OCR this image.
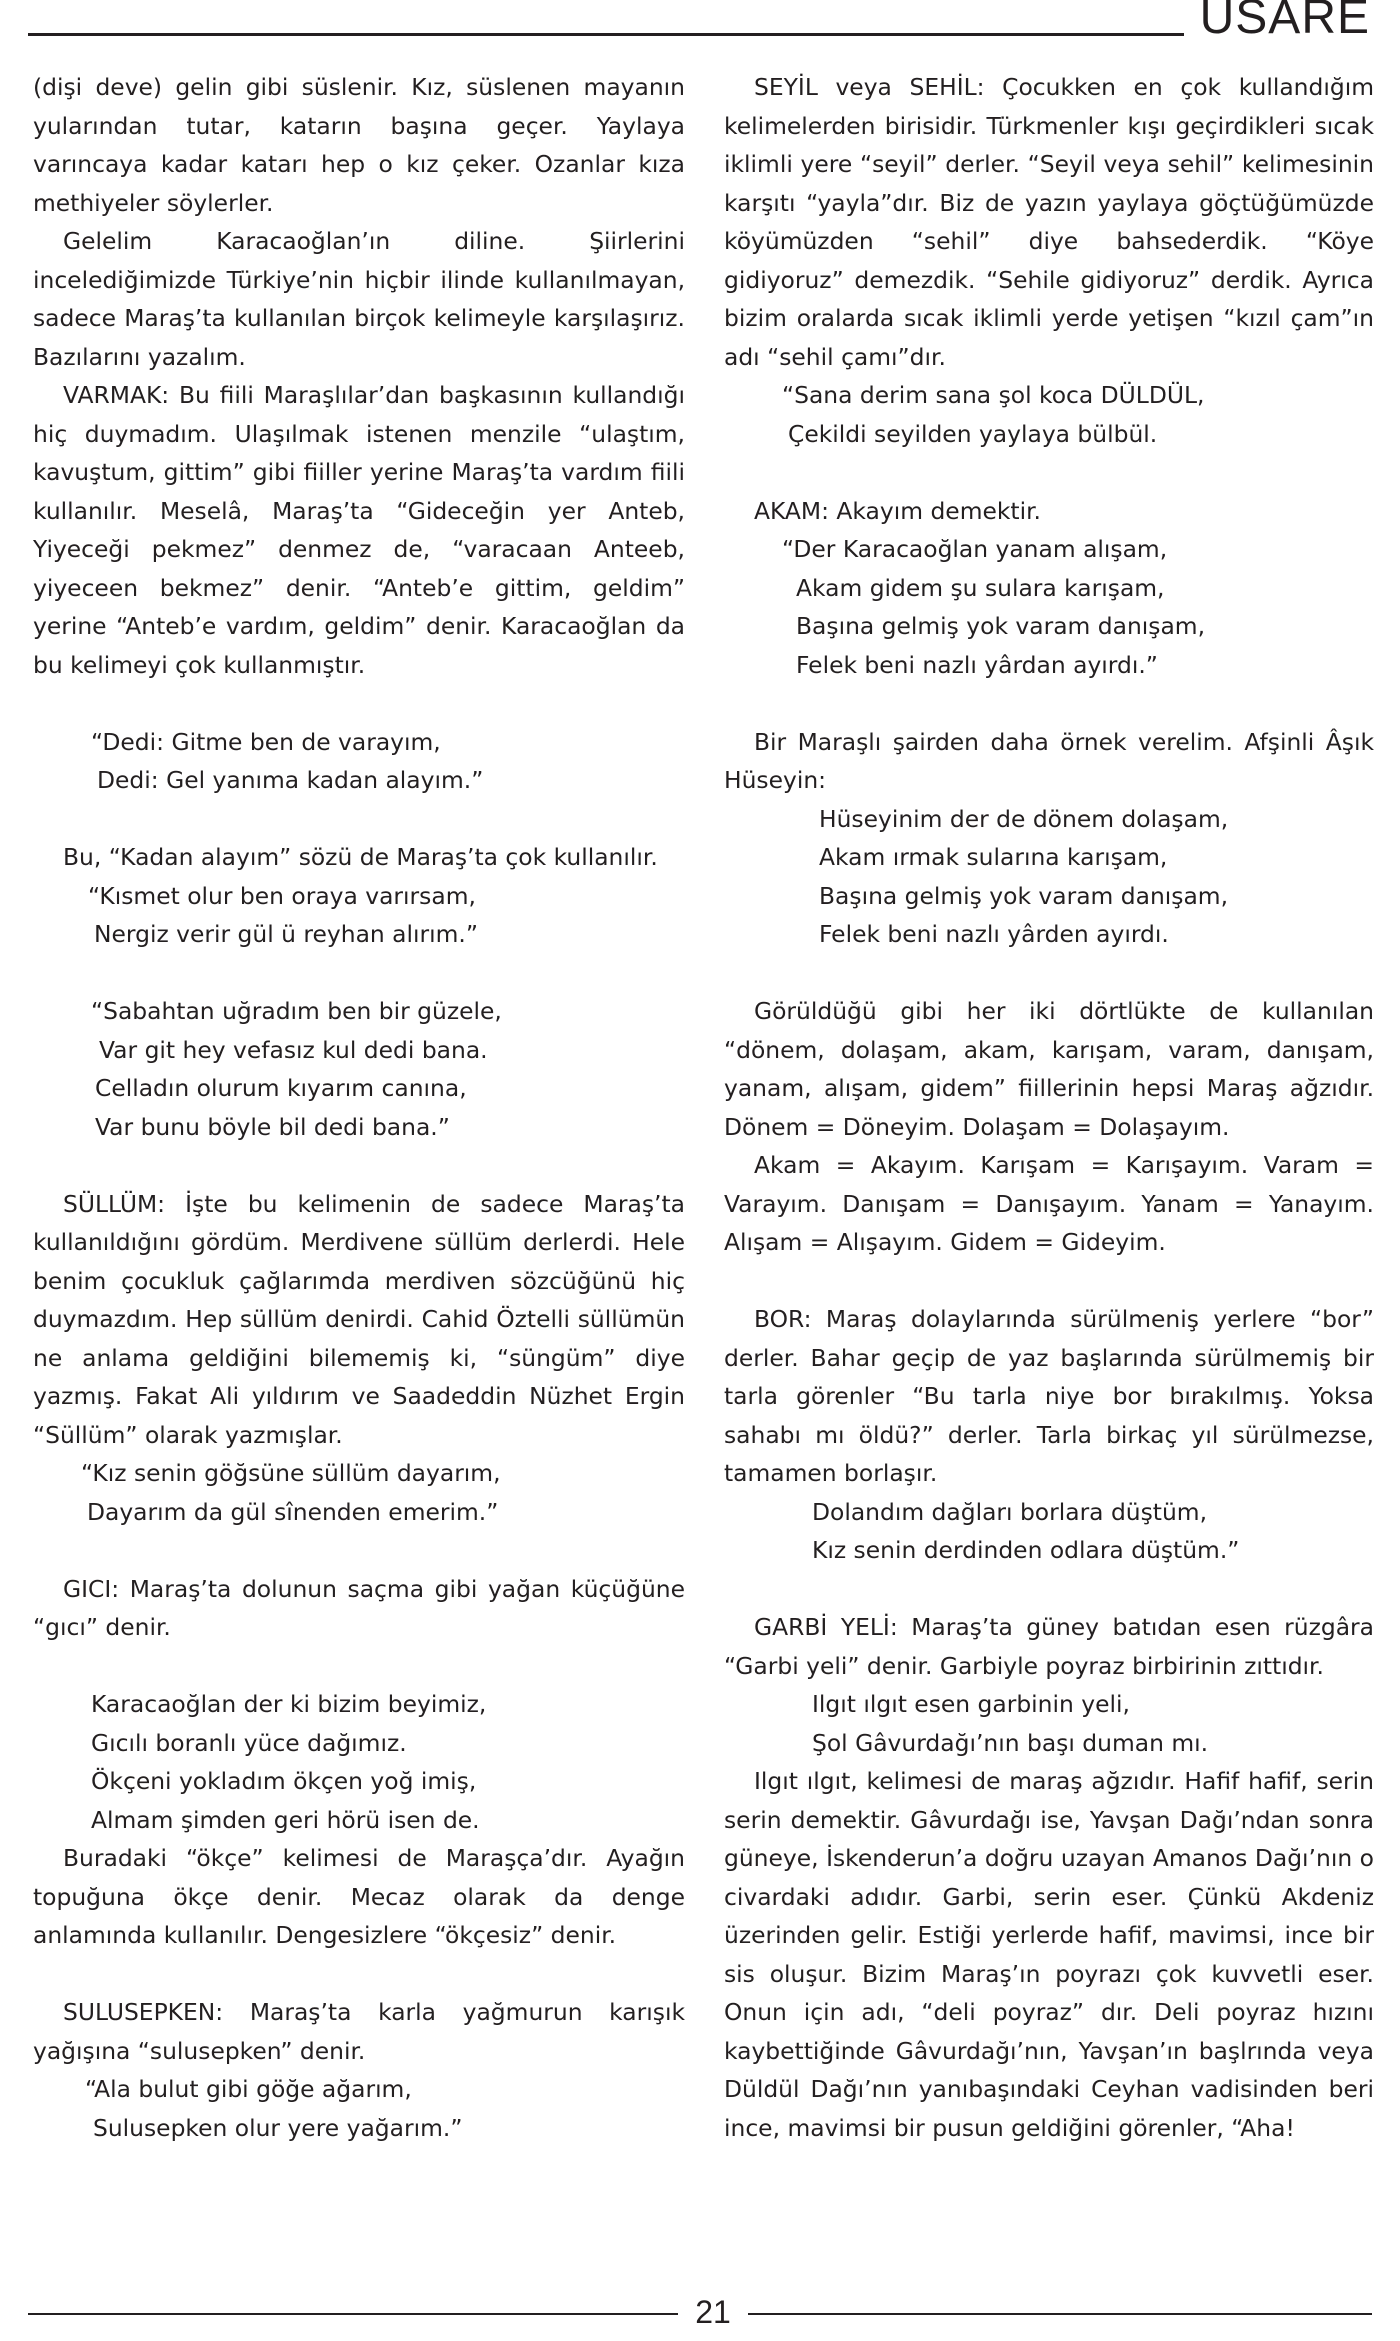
USARE

(dişi deve) gelin gibi süslenir. Kız, süslenen mayanın yularından tutar, katarın başına geçer. Yaylaya varıncaya kadar katarı hep o kız çeker. Ozanlar kıza methiyeler söylerler.

Gelelim Karacaoğlan’ın diline. Şiirlerini incelediğimizde Türkiye’nin hiçbir ilinde kullanılmayan, sadece Maraş’ta kullanılan birçok kelimeyle karşılaşırız. Bazılarını yazalım.

VARMAK: Bu fiili Maraşlılar’dan başkasının kullandığı hiç duymadım. Ulaşılmak istenen menzile “ulaştım, kavuştum, gittim” gibi fiiller yerine Maraş’ta vardım fiili kullanılır. Meselâ, Maraş’ta “Gideceğin yer Anteb, Yiyeceği pekmez” denmez de, “varacaan Anteeb, yiyeceen bekmez” denir. “Anteb’e gittim, geldim” yerine “Anteb’e vardım, geldim” denir. Karacaoğlan da bu kelimeyi çok kullanmıştır.

“Dedi: Gitme ben de varayım,
Dedi: Gel yanıma kadan alayım.”

Bu, “Kadan alayım” sözü de Maraş’ta çok kullanılır.

“Kısmet olur ben oraya varırsam,
Nergiz verir gül ü reyhan alırım.”
“Sabahtan uğradım ben bir güzele,
Var git hey vefasız kul dedi bana.
Celladın olurum kıyarım canına,
Var bunu böyle bil dedi bana.”

SÜLLÜM: İşte bu kelimenin de sadece Maraş’ta kullanıldığını gördüm. Merdivene süllüm derlerdi. Hele benim çocukluk çağlarımda merdiven sözcüğünü hiç duymazdım. Hep süllüm denirdi. Cahid Öztelli süllümün ne anlama geldiğini bilememiş ki, “süngüm” diye yazmış. Fakat Ali yıldırım ve Saadeddin Nüzhet Ergin “Süllüm” olarak yazmışlar.

“Kız senin göğsüne süllüm dayarım,
Dayarım da gül sînenden emerim.”

GICI: Maraş’ta dolunun saçma gibi yağan küçüğüne “gıcı” denir.

Karacaoğlan der ki bizim beyimiz,
Gıcılı boranlı yüce dağımız.
Ökçeni yokladım ökçen yoğ imiş,
Almam şimden geri hörü isen de.

Buradaki “ökçe” kelimesi de Maraşça’dır. Ayağın topuğuna ökçe denir. Mecaz olarak da denge anlamında kullanılır. Dengesizlere “ökçesiz” denir.

SULUSEPKEN: Maraş’ta karla yağmurun karışık yağışına “sulusepken” denir.

“Ala bulut gibi göğe ağarım,
Sulusepken olur yere yağarım.”

SEYİL veya SEHİL: Çocukken en çok kullandığım kelimelerden birisidir. Türkmenler kışı geçirdikleri sıcak iklimli yere “seyil” derler. “Seyil veya sehil” kelimesinin karşıtı “yayla”dır. Biz de yazın yaylaya göçtüğümüzde köyümüzden “sehil” diye bahsederdik. “Köye gidiyoruz” demezdik. “Sehile gidiyoruz” derdik. Ayrıca bizim oralarda sıcak iklimli yerde yetişen “kızıl çam”ın adı “sehil çamı”dır.

“Sana derim sana şol koca DÜLDÜL,
Çekildi seyilden yaylaya bülbül.

AKAM: Akayım demektir.

“Der Karacaoğlan yanam alışam,
Akam gidem şu sulara karışam,
Başına gelmiş yok varam danışam,
Felek beni nazlı yârdan ayırdı.”

Bir Maraşlı şairden daha örnek verelim. Afşinli Âşık Hüseyin:

Hüseyinim der de dönem dolaşam,
Akam ırmak sularına karışam,
Başına gelmiş yok varam danışam,
Felek beni nazlı yârden ayırdı.

Görüldüğü gibi her iki dörtlükte de kullanılan “dönem, dolaşam, akam, karışam, varam, danışam, yanam, alışam, gidem” fiillerinin hepsi Maraş ağzıdır. Dönem = Döneyim. Dolaşam = Dolaşayım.

Akam = Akayım. Karışam = Karışayım. Varam = Varayım. Danışam = Danışayım. Yanam = Yanayım. Alışam = Alışayım. Gidem = Gideyim.

BOR: Maraş dolaylarında sürülmeniş yerlere “bor” derler. Bahar geçip de yaz başlarında sürülmemiş bir tarla görenler “Bu tarla niye bor bırakılmış. Yoksa sahabı mı öldü?” derler. Tarla birkaç yıl sürülmezse, tamamen borlaşır.

Dolandım dağları borlara düştüm,
Kız senin derdinden odlara düştüm.”

GARBİ YELİ: Maraş’ta güney batıdan esen rüzgâra “Garbi yeli” denir. Garbiyle poyraz birbirinin zıttıdır.

Ilgıt ılgıt esen garbinin yeli,
Şol Gâvurdağı’nın başı duman mı.

Ilgıt ılgıt, kelimesi de maraş ağzıdır. Hafif hafif, serin serin demektir. Gâvurdağı ise, Yavşan Dağı’ndan sonra güneye, İskenderun’a doğru uzayan Amanos Dağı’nın o civardaki adıdır. Garbi, serin eser. Çünkü Akdeniz üzerinden gelir. Estiği yerlerde hafif, mavimsi, ince bir sis oluşur. Bizim Maraş’ın poyrazı çok kuvvetli eser. Onun için adı, “deli poyraz” dır. Deli poyraz hızını kaybettiğinde Gâvurdağı’nın, Yavşan’ın başlrında veya Düldül Dağı’nın yanıbaşındaki Ceyhan vadisinden beri ince, mavimsi bir pusun geldiğini görenler, “Aha!

21
